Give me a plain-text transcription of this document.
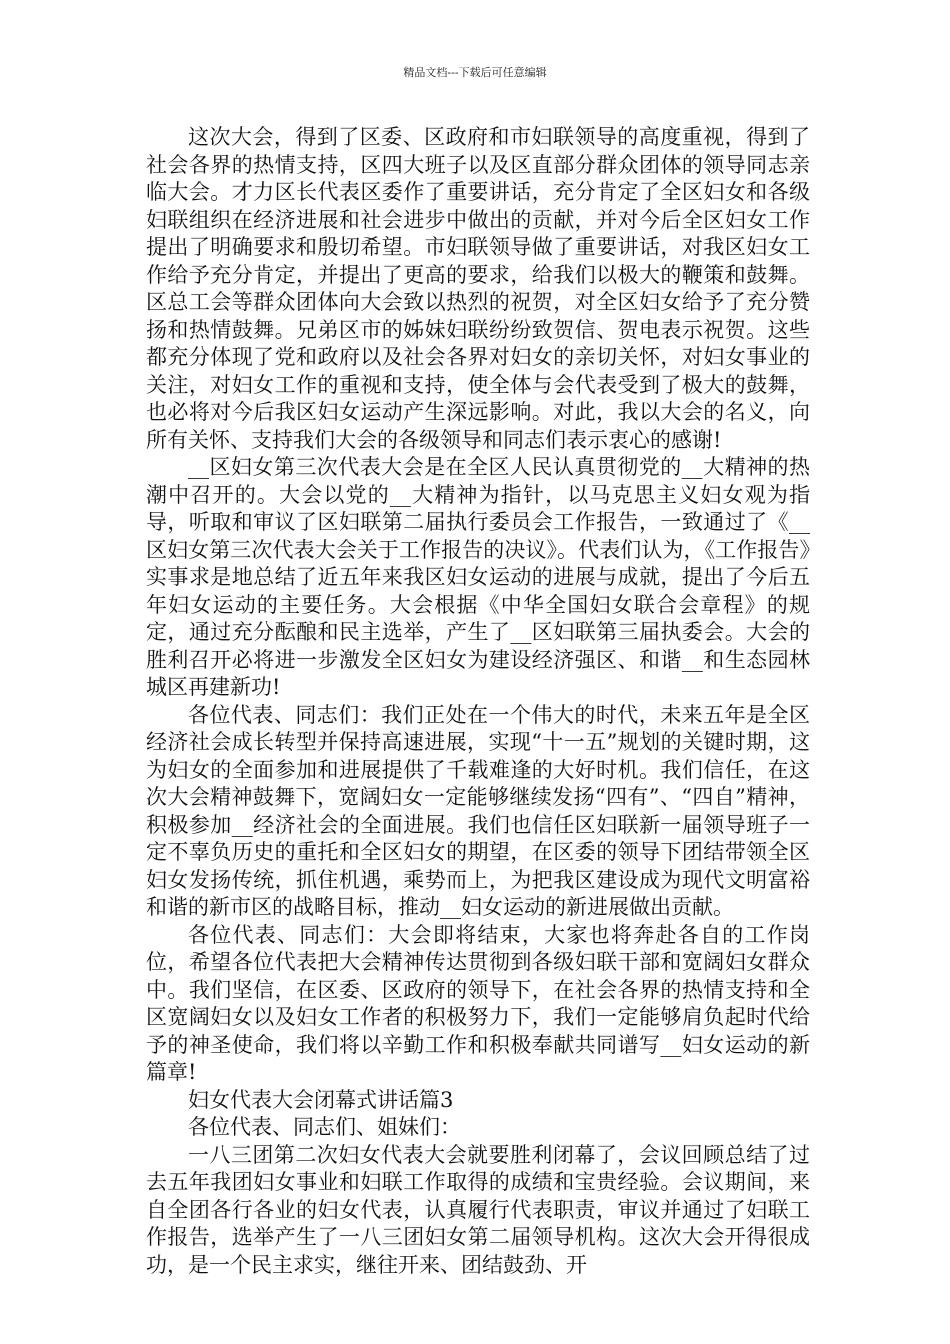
精品文档---下载后可任意编辑

这次大会，得到了区委、区政府和市妇联领导的高度重视，得到了社会各界的热情支持，区四大班子以及区直部分群众团体的领导同志亲临大会。才力区长代表区委作了重要讲话，充分肯定了全区妇女和各级妇联组织在经济进展和社会进步中做出的贡献，并对今后全区妇女工作提出了明确要求和殷切希望。市妇联领导做了重要讲话，对我区妇女工作给予充分肯定，并提出了更高的要求，给我们以极大的鞭策和鼓舞。区总工会等群众团体向大会致以热烈的祝贺，对全区妇女给予了充分赞扬和热情鼓舞。兄弟区市的姊妹妇联纷纷致贺信、贺电表示祝贺。这些都充分体现了党和政府以及社会各界对妇女的亲切关怀，对妇女事业的关注，对妇女工作的重视和支持，使全体与会代表受到了极大的鼓舞，也必将对今后我区妇女运动产生深远影响。对此，我以大会的名义，向所有关怀、支持我们大会的各级领导和同志们表示衷心的感谢!

__区妇女第三次代表大会是在全区人民认真贯彻党的__大精神的热潮中召开的。大会以党的__大精神为指针，以马克思主义妇女观为指导，听取和审议了区妇联第二届执行委员会工作报告，一致通过了《__区妇女第三次代表大会关于工作报告的决议》。代表们认为，《工作报告》实事求是地总结了近五年来我区妇女运动的进展与成就，提出了今后五年妇女运动的主要任务。大会根据《中华全国妇女联合会章程》的规定，通过充分酝酿和民主选举，产生了__区妇联第三届执委会。大会的胜利召开必将进一步激发全区妇女为建设经济强区、和谐__和生态园林城区再建新功!

各位代表、同志们：我们正处在一个伟大的时代，未来五年是全区经济社会成长转型并保持高速进展，实现“十一五”规划的关键时期，这为妇女的全面参加和进展提供了千载难逢的大好时机。我们信任，在这次大会精神鼓舞下，宽阔妇女一定能够继续发扬“四有”、“四自”精神，积极参加__经济社会的全面进展。我们也信任区妇联新一届领导班子一定不辜负历史的重托和全区妇女的期望，在区委的领导下团结带领全区妇女发扬传统，抓住机遇，乘势而上，为把我区建设成为现代文明富裕和谐的新市区的战略目标，推动__妇女运动的新进展做出贡献。

各位代表、同志们：大会即将结束，大家也将奔赴各自的工作岗位，希望各位代表把大会精神传达贯彻到各级妇联干部和宽阔妇女群众中。我们坚信，在区委、区政府的领导下，在社会各界的热情支持和全区宽阔妇女以及妇女工作者的积极努力下，我们一定能够肩负起时代给予的神圣使命，我们将以辛勤工作和积极奉献共同谱写__妇女运动的新篇章!

妇女代表大会闭幕式讲话篇3

各位代表、同志们、姐妹们：

一八三团第二次妇女代表大会就要胜利闭幕了，会议回顾总结了过去五年我团妇女事业和妇联工作取得的成绩和宝贵经验。会议期间，来自全团各行各业的妇女代表，认真履行代表职责，审议并通过了妇联工作报告，选举产生了一八三团妇女第二届领导机构。这次大会开得很成功，是一个民主求实，继往开来、团结鼓劲、开
